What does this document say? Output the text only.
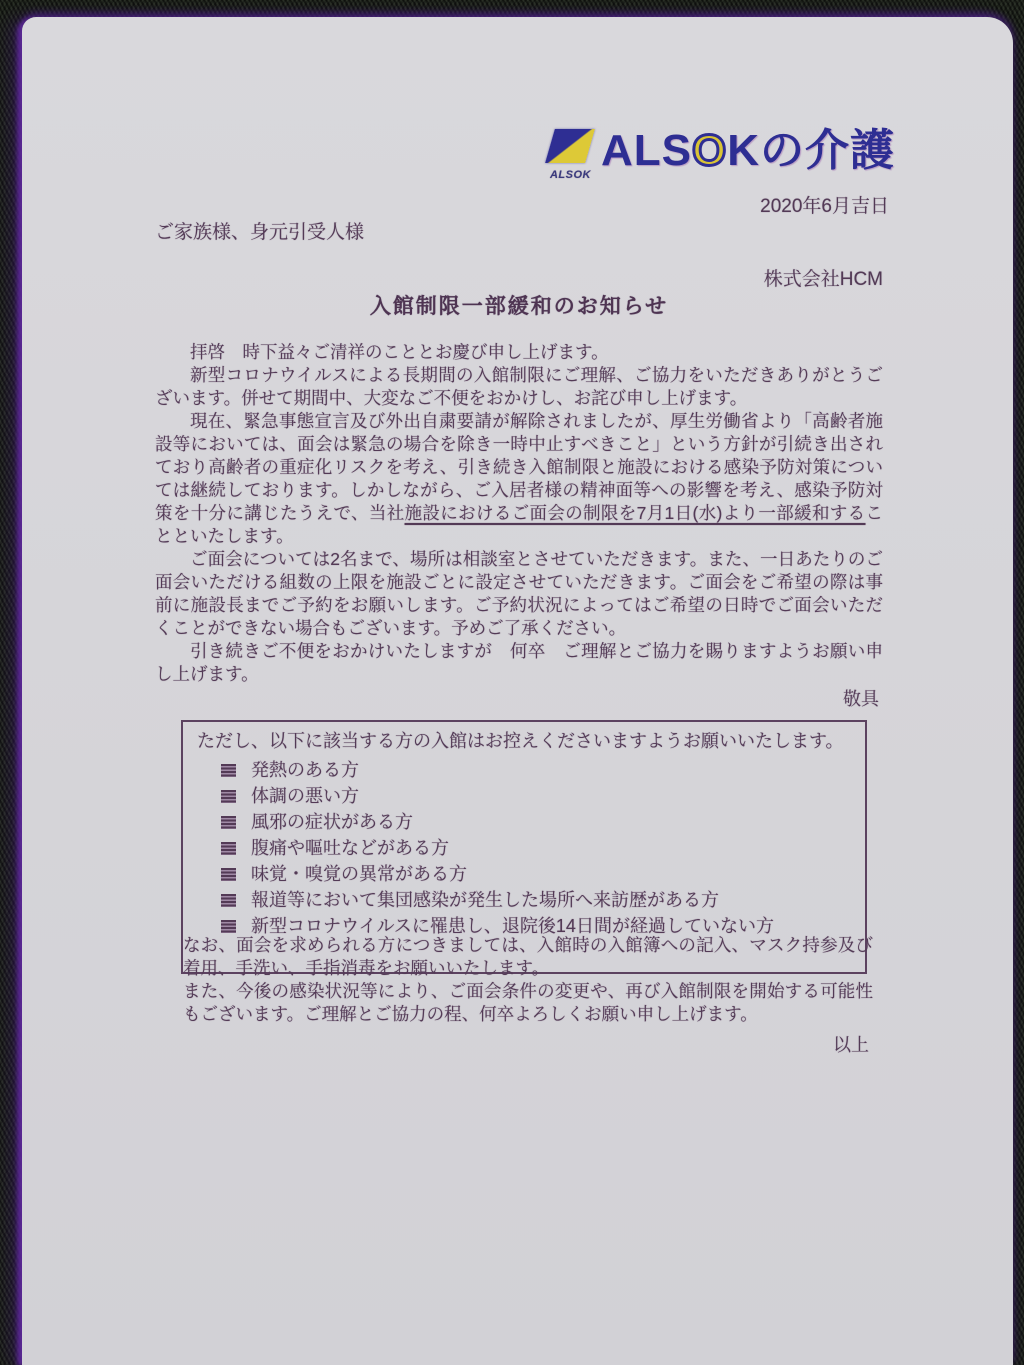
ALSOK ALSOKの介護
2020年6月吉日
ご家族様、身元引受人様
株式会社HCM
入館制限一部緩和のお知らせ

拝啓　時下益々ご清祥のこととお慶び申し上げます。

新型コロナウイルスによる長期間の入館制限にご理解、ご協力をいただきありがとうございます。併せて期間中、大変なご不便をおかけし、お詫び申し上げます。

現在、緊急事態宣言及び外出自粛要請が解除されましたが、厚生労働省より「高齢者施設等においては、面会は緊急の場合を除き一時中止すべきこと」という方針が引続き出されており高齢者の重症化リスクを考え、引き続き入館制限と施設における感染予防対策については継続しております。しかしながら、ご入居者様の精神面等への影響を考え、感染予防対策を十分に講じたうえで、当社施設におけるご面会の制限を7月1日(水)より一部緩和することといたします。

ご面会については2名まで、場所は相談室とさせていただきます。また、一日あたりのご面会いただける組数の上限を施設ごとに設定させていただきます。ご面会をご希望の際は事前に施設長までご予約をお願いします。ご予約状況によってはご希望の日時でご面会いただくことができない場合もございます。予めご了承ください。

引き続きご不便をおかけいたしますが　何卒　ご理解とご協力を賜りますようお願い申し上げます。

敬具

ただし、以下に該当する方の入館はお控えくださいますようお願いいたします。

発熱のある方
体調の悪い方
風邪の症状がある方
腹痛や嘔吐などがある方
味覚・嗅覚の異常がある方
報道等において集団感染が発生した場所へ来訪歴がある方
新型コロナウイルスに罹患し、退院後14日間が経過していない方

なお、面会を求められる方につきましては、入館時の入館簿への記入、マスク持参及び着用、手洗い、手指消毒をお願いいたします。

また、今後の感染状況等により、ご面会条件の変更や、再び入館制限を開始する可能性もございます。ご理解とご協力の程、何卒よろしくお願い申し上げます。

以上
